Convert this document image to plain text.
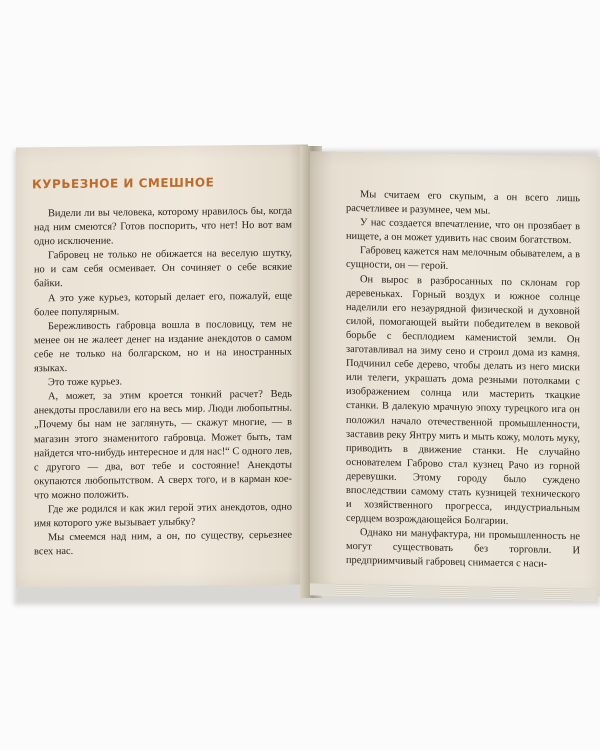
КУРЬЕЗНОЕ И СМЕШНОЕ

Видели ли вы человека, которому нравилось бы, когда над ним смеются? Готов поспорить, что нет! Но вот вам одно исключение.

Габровец не только не обижается на веселую шутку, но и сам себя осмеивает. Он сочиняет о себе всякие байки.

А это уже курьез, который делает его, пожалуй, еще более популярным.

Бережливость габровца вошла в пословицу, тем не менее он не жалеет денег на издание анекдотов о самом себе не только на болгарском, но и на иностранных языках.

Это тоже курьез.

А, может, за этим кроется тонкий расчет? Ведь анекдоты прославили его на весь мир. Люди любопытны. „Почему бы нам не заглянуть, — скажут многие, — в магазин этого знаменитого габровца. Может быть, там найдется что-нибудь интересное и для нас!“ С одного лев, с другого — два, вот тебе и состояние! Анекдоты окупаются любопытством. А сверх того, и в карман кое-что можно положить.

Где же родился и как жил герой этих анекдотов, одно имя которого уже вызывает улыбку?

Мы смеемся над ним, а он, по существу, серьезнее всех нас.

Мы считаем его скупым, а он всего лишь расчетливее и разумнее, чем мы.

У нас создается впечатление, что он прозябает в нищете, а он может удивить нас своим богатством.

Габровец кажется нам мелочным обывателем, а в сущности, он — герой.

Он вырос в разбросанных по склонам гор деревеньках. Горный воздух и южное солнце наделили его незаурядной физической и духовной силой, помогающей выйти победителем в вековой борьбе с бесплодием каменистой земли. Он заготавливал на зиму сено и строил дома из камня. Подчинил себе дерево, чтобы делать из него миски или телеги, украшать дома резными потолками с изображением солнца или мастерить ткацкие станки. В далекую мрачную эпоху турецкого ига он положил начало отечественной промышленности, заставив реку Янтру мить и мыть кожу, молоть муку, приводить в движение станки. Не случайно основателем Габрово стал кузнец Рачо из горной деревушки. Этому городу было суждено впоследствии самому стать кузницей технического и хозяйственного прогресса, индустриальным сердцем возрождающейся Болгарии.

Однако ни мануфактура, ни промышленность не могут существовать без торговли. И предприимчивый габровец снимается с наси-
